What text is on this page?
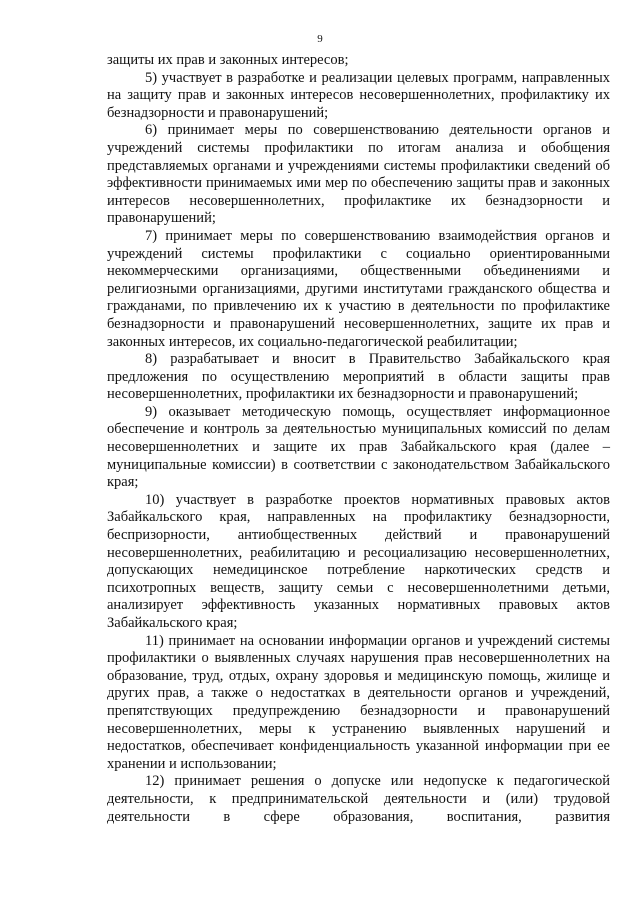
9

защиты их прав и законных интересов;

5) участвует в разработке и реализации целевых программ, направленных на защиту прав и законных интересов несовершеннолетних, профилактику их безнадзорности и правонарушений;

6) принимает меры по совершенствованию деятельности органов и учреждений системы профилактики по итогам анализа и обобщения представляемых органами и учреждениями системы профилактики сведений об эффективности принимаемых ими мер по обеспечению защиты прав и законных интересов несовершеннолетних, профилактике их безнадзорности и правонарушений;

7) принимает меры по совершенствованию взаимодействия органов и учреждений системы профилактики с социально ориентированными некоммерческими организациями, общественными объединениями и религиозными организациями, другими институтами гражданского общества и гражданами, по привлечению их к участию в деятельности по профилактике безнадзорности и правонарушений несовершеннолетних, защите их прав и законных интересов, их социально-педагогической реабилитации;

8) разрабатывает и вносит в Правительство Забайкальского края предложения по осуществлению мероприятий в области защиты прав несовершеннолетних, профилактики их безнадзорности и правонарушений;

9) оказывает методическую помощь, осуществляет информационное обеспечение и контроль за деятельностью муниципальных комиссий по делам несовершеннолетних и защите их прав Забайкальского края (далее – муниципальные комиссии) в соответствии с законодательством Забайкальского края;

10) участвует в разработке проектов нормативных правовых актов Забайкальского края, направленных на профилактику безнадзорности, беспризорности, антиобщественных действий и правонарушений несовершеннолетних, реабилитацию и ресоциализацию несовершеннолетних, допускающих немедицинское потребление наркотических средств и психотропных веществ, защиту семьи с несовершеннолетними детьми, анализирует эффективность указанных нормативных правовых актов Забайкальского края;

11) принимает на основании информации органов и учреждений системы профилактики о выявленных случаях нарушения прав несовершеннолетних на образование, труд, отдых, охрану здоровья и медицинскую помощь, жилище и других прав, а также о недостатках в деятельности органов и учреждений, препятствующих предупреждению безнадзорности и правонарушений несовершеннолетних, меры к устранению выявленных нарушений и недостатков, обеспечивает конфиденциальность указанной информации при ее хранении и использовании;

12) принимает решения о допуске или недопуске к педагогической деятельности, к предпринимательской деятельности и (или) трудовой деятельности в сфере образования, воспитания, развития
